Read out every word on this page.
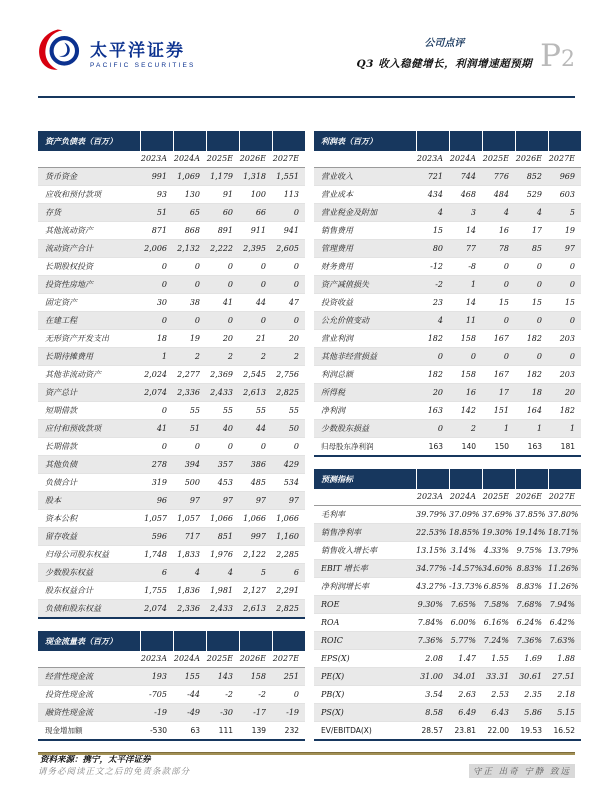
太平洋证券
PACIFIC SECURITIES
公司点评
Q3 收入稳健增长，利润增速超预期 P2
资产负债表（百万）					
	2023A	2024A	2025E	2026E	2027E
货币资金	991	1,069	1,179	1,318	1,551
应收和预付款项	93	130	91	100	113
存货	51	65	60	66	0
其他流动资产	871	868	891	911	941
流动资产合计	2,006	2,132	2,222	2,395	2,605
长期股权投资	0	0	0	0	0
投资性房地产	0	0	0	0	0
固定资产	30	38	41	44	47
在建工程	0	0	0	0	0
无形资产开发支出	18	19	20	21	20
长期待摊费用	1	2	2	2	2
其他非流动资产	2,024	2,277	2,369	2,545	2,756
资产总计	2,074	2,336	2,433	2,613	2,825
短期借款	0	55	55	55	55
应付和预收款项	41	51	40	44	50
长期借款	0	0	0	0	0
其他负债	278	394	357	386	429
负债合计	319	500	453	485	534
股本	96	97	97	97	97
资本公积	1,057	1,057	1,066	1,066	1,066
留存收益	596	717	851	997	1,160
归母公司股东权益	1,748	1,833	1,976	2,122	2,285
少数股东权益	6	4	4	5	6
股东权益合计	1,755	1,836	1,981	2,127	2,291
负债和股东权益	2,074	2,336	2,433	2,613	2,825
现金流量表（百万）					
	2023A	2024A	2025E	2026E	2027E
经营性现金流	193	155	143	158	251
投资性现金流	-705	-44	-2	-2	0
融资性现金流	-19	-49	-30	-17	-19
现金增加额	-530	63	111	139	232
资料来源：携宁，太平洋证券
利润表（百万）					
	2023A	2024A	2025E	2026E	2027E
营业收入	721	744	776	852	969
营业成本	434	468	484	529	603
营业税金及附加	4	3	4	4	5
销售费用	15	14	16	17	19
管理费用	80	77	78	85	97
财务费用	-12	-8	0	0	0
资产减值损失	-2	1	0	0	0
投资收益	23	14	15	15	15
公允价值变动	4	11	0	0	0
营业利润	182	158	167	182	203
其他非经营损益	0	0	0	0	0
利润总额	182	158	167	182	203
所得税	20	16	17	18	20
净利润	163	142	151	164	182
少数股东损益	0	2	1	1	1
归母股东净利润	163	140	150	163	181
预测指标					
	2023A	2024A	2025E	2026E	2027E
毛利率	39.79%	37.09%	37.69%	37.85%	37.80%
销售净利率	22.53%	18.85%	19.30%	19.14%	18.71%
销售收入增长率	13.15%	3.14%	4.33%	9.75%	13.79%
EBIT 增长率	34.77%	-14.57%	34.60%	8.83%	11.26%
净利润增长率	43.27%	-13.73%	6.85%	8.83%	11.26%
ROE	9.30%	7.65%	7.58%	7.68%	7.94%
ROA	7.84%	6.00%	6.16%	6.24%	6.42%
ROIC	7.36%	5.77%	7.24%	7.36%	7.63%
EPS(X)	2.08	1.47	1.55	1.69	1.88
PE(X)	31.00	34.01	33.31	30.61	27.51
PB(X)	3.54	2.63	2.53	2.35	2.18
PS(X)	8.58	6.49	6.43	5.86	5.15
EV/EBITDA(X)	28.57	23.81	22.00	19.53	16.52
请务必阅读正文之后的免责条款部分	守正 出奇 宁静 致远
